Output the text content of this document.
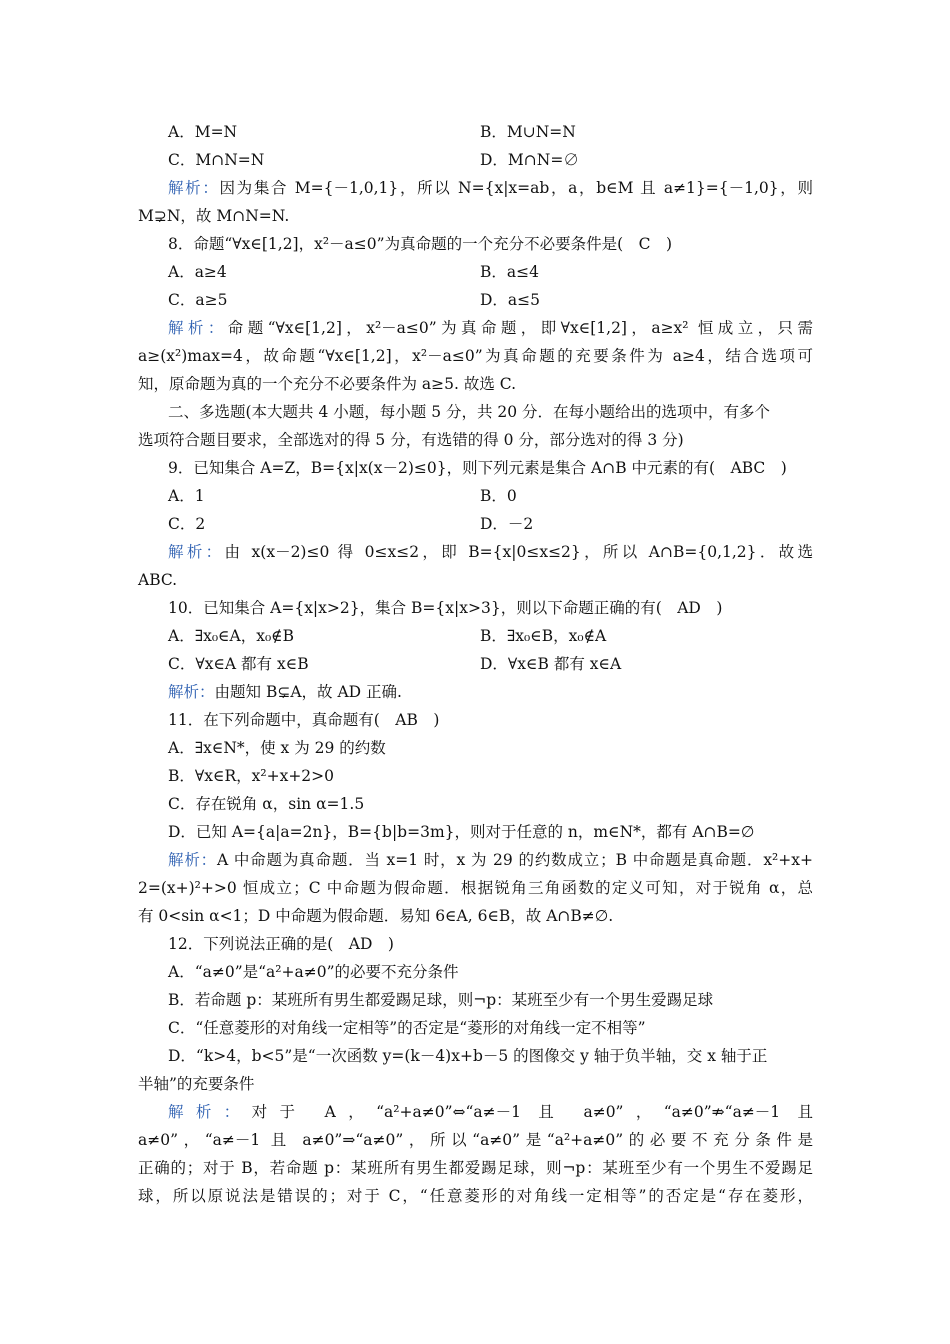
A．M=N	B．M∪N=N
C．M∩N=N	D．M∩N=∅
解析：因为集合 M={－1,0,1}，所以 N={x|x=ab，a，b∈M 且 a≠1}={－1,0}，则
M⊋N，故 M∩N=N.
8．命题“∀x∈[1,2]，x²－a≤0”为真命题的一个充分不必要条件是(　C　)
A．a≥4	B．a≤4
C．a≥5	D．a≤5
解析：命题“∀x∈[1,2]，x²－a≤0”为真命题，即∀x∈[1,2]，a≥x² 恒成立，只需
a≥(x²)max=4，故命题“∀x∈[1,2]，x²－a≤0”为真命题的充要条件为 a≥4，结合选项可
知，原命题为真的一个充分不必要条件为 a≥5. 故选 C.
二、多选题(本大题共 4 小题，每小题 5 分，共 20 分．在每小题给出的选项中，有多个
选项符合题目要求，全部选对的得 5 分，有选错的得 0 分，部分选对的得 3 分)
9．已知集合 A=Z，B={x|x(x－2)≤0}，则下列元素是集合 A∩B 中元素的有(　ABC　)
A．1	B．0
C．2	D．－2
解析：由 x(x－2)≤0 得 0≤x≤2，即 B={x|0≤x≤2}，所以 A∩B={0,1,2}．故选
ABC.
10．已知集合 A={x|x>2}，集合 B={x|x>3}，则以下命题正确的有(　AD　)
A．∃x₀∈A，x₀∉B	B．∃x₀∈B，x₀∉A
C．∀x∈A 都有 x∈B	D．∀x∈B 都有 x∈A
解析：由题知 B⊊A，故 AD 正确.
11．在下列命题中，真命题有(　AB　)
A．∃x∈N*，使 x 为 29 的约数
B．∀x∈R，x²+x+2>0
C．存在锐角 α，sin α=1.5
D．已知 A={a|a=2n}，B={b|b=3m}，则对于任意的 n，m∈N*，都有 A∩B=∅
解析：A 中命题为真命题．当 x=1 时，x 为 29 的约数成立；B 中命题是真命题．x²+x+
2=(x+)²+>0 恒成立；C 中命题为假命题．根据锐角三角函数的定义可知，对于锐角 α，总
有 0<sin α<1；D 中命题为假命题．易知 6∈A, 6∈B，故 A∩B≠∅.
12．下列说法正确的是(　AD　)
A．“a≠0”是“a²+a≠0”的必要不充分条件
B．若命题 p：某班所有男生都爱踢足球，则¬p：某班至少有一个男生爱踢足球
C．“任意菱形的对角线一定相等”的否定是“菱形的对角线一定不相等”
D．“k>4，b<5”是“一次函数 y=(k－4)x+b－5 的图像交 y 轴于负半轴，交 x 轴于正
半轴”的充要条件
解析：对于 A，“a²+a≠0”⇔“a≠－1 且 a≠0”，“a≠0”⇏“a≠－1 且
a≠0”，“a≠－1 且 a≠0”⇒“a≠0”，所以“a≠0”是“a²+a≠0”的必要不充分条件是
正确的；对于 B，若命题 p：某班所有男生都爱踢足球，则¬p：某班至少有一个男生不爱踢足
球，所以原说法是错误的；对于 C，“任意菱形的对角线一定相等”的否定是“存在菱形，
